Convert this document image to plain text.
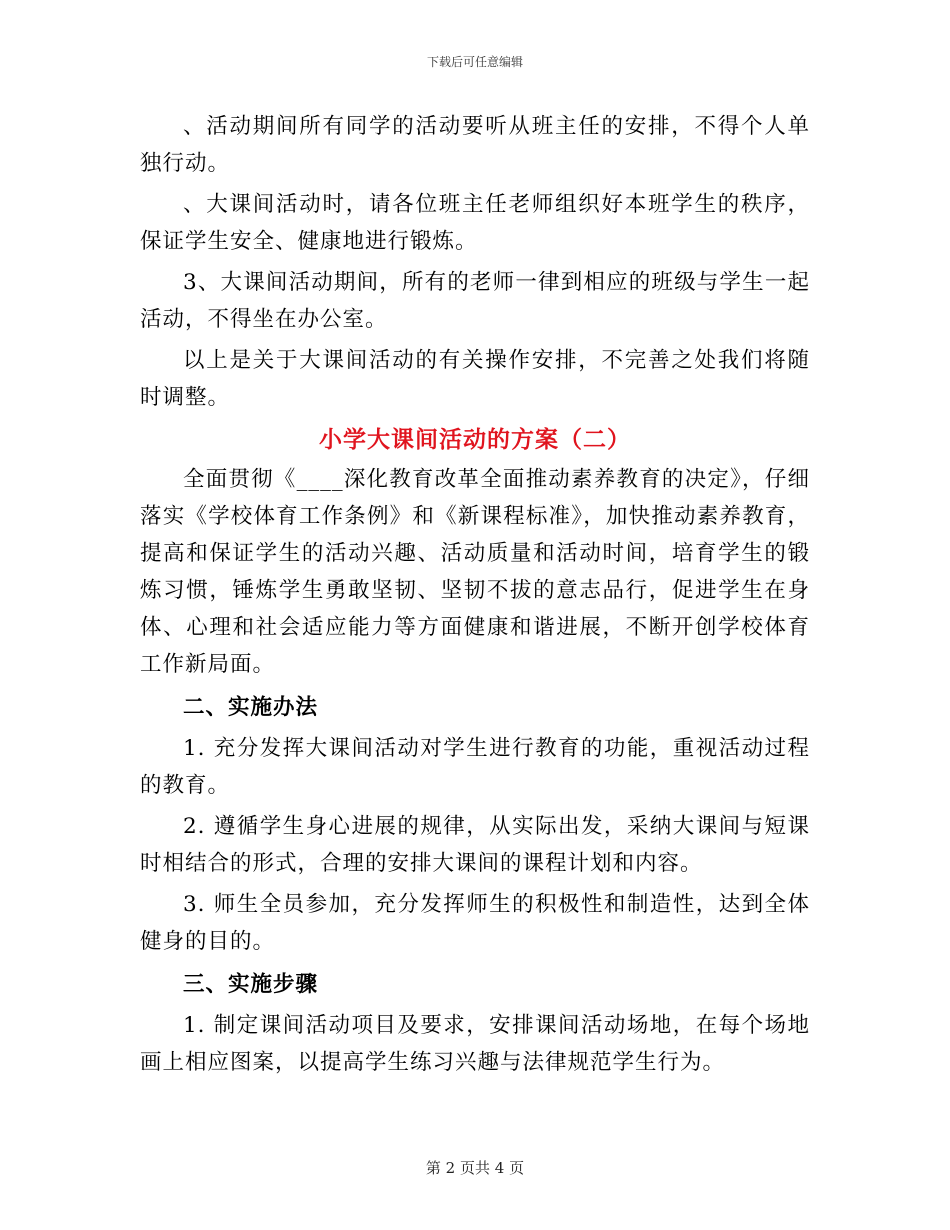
下载后可任意编辑

、活动期间所有同学的活动要听从班主任的安排，不得个人单独行动。

、大课间活动时，请各位班主任老师组织好本班学生的秩序，保证学生安全、健康地进行锻炼。

3、大课间活动期间，所有的老师一律到相应的班级与学生一起活动，不得坐在办公室。

以上是关于大课间活动的有关操作安排，不完善之处我们将随时调整。

小学大课间活动的方案（二）

全面贯彻《____深化教育改革全面推动素养教育的决定》，仔细落实《学校体育工作条例》和《新课程标准》，加快推动素养教育，提高和保证学生的活动兴趣、活动质量和活动时间，培育学生的锻炼习惯，锤炼学生勇敢坚韧、坚韧不拔的意志品行，促进学生在身体、心理和社会适应能力等方面健康和谐进展，不断开创学校体育工作新局面。

二、实施办法

1. 充分发挥大课间活动对学生进行教育的功能，重视活动过程的教育。

2. 遵循学生身心进展的规律，从实际出发，采纳大课间与短课时相结合的形式，合理的安排大课间的课程计划和内容。

3. 师生全员参加，充分发挥师生的积极性和制造性，达到全体健身的目的。

三、实施步骤

1. 制定课间活动项目及要求，安排课间活动场地，在每个场地画上相应图案，以提高学生练习兴趣与法律规范学生行为。

第 2 页共 4 页
